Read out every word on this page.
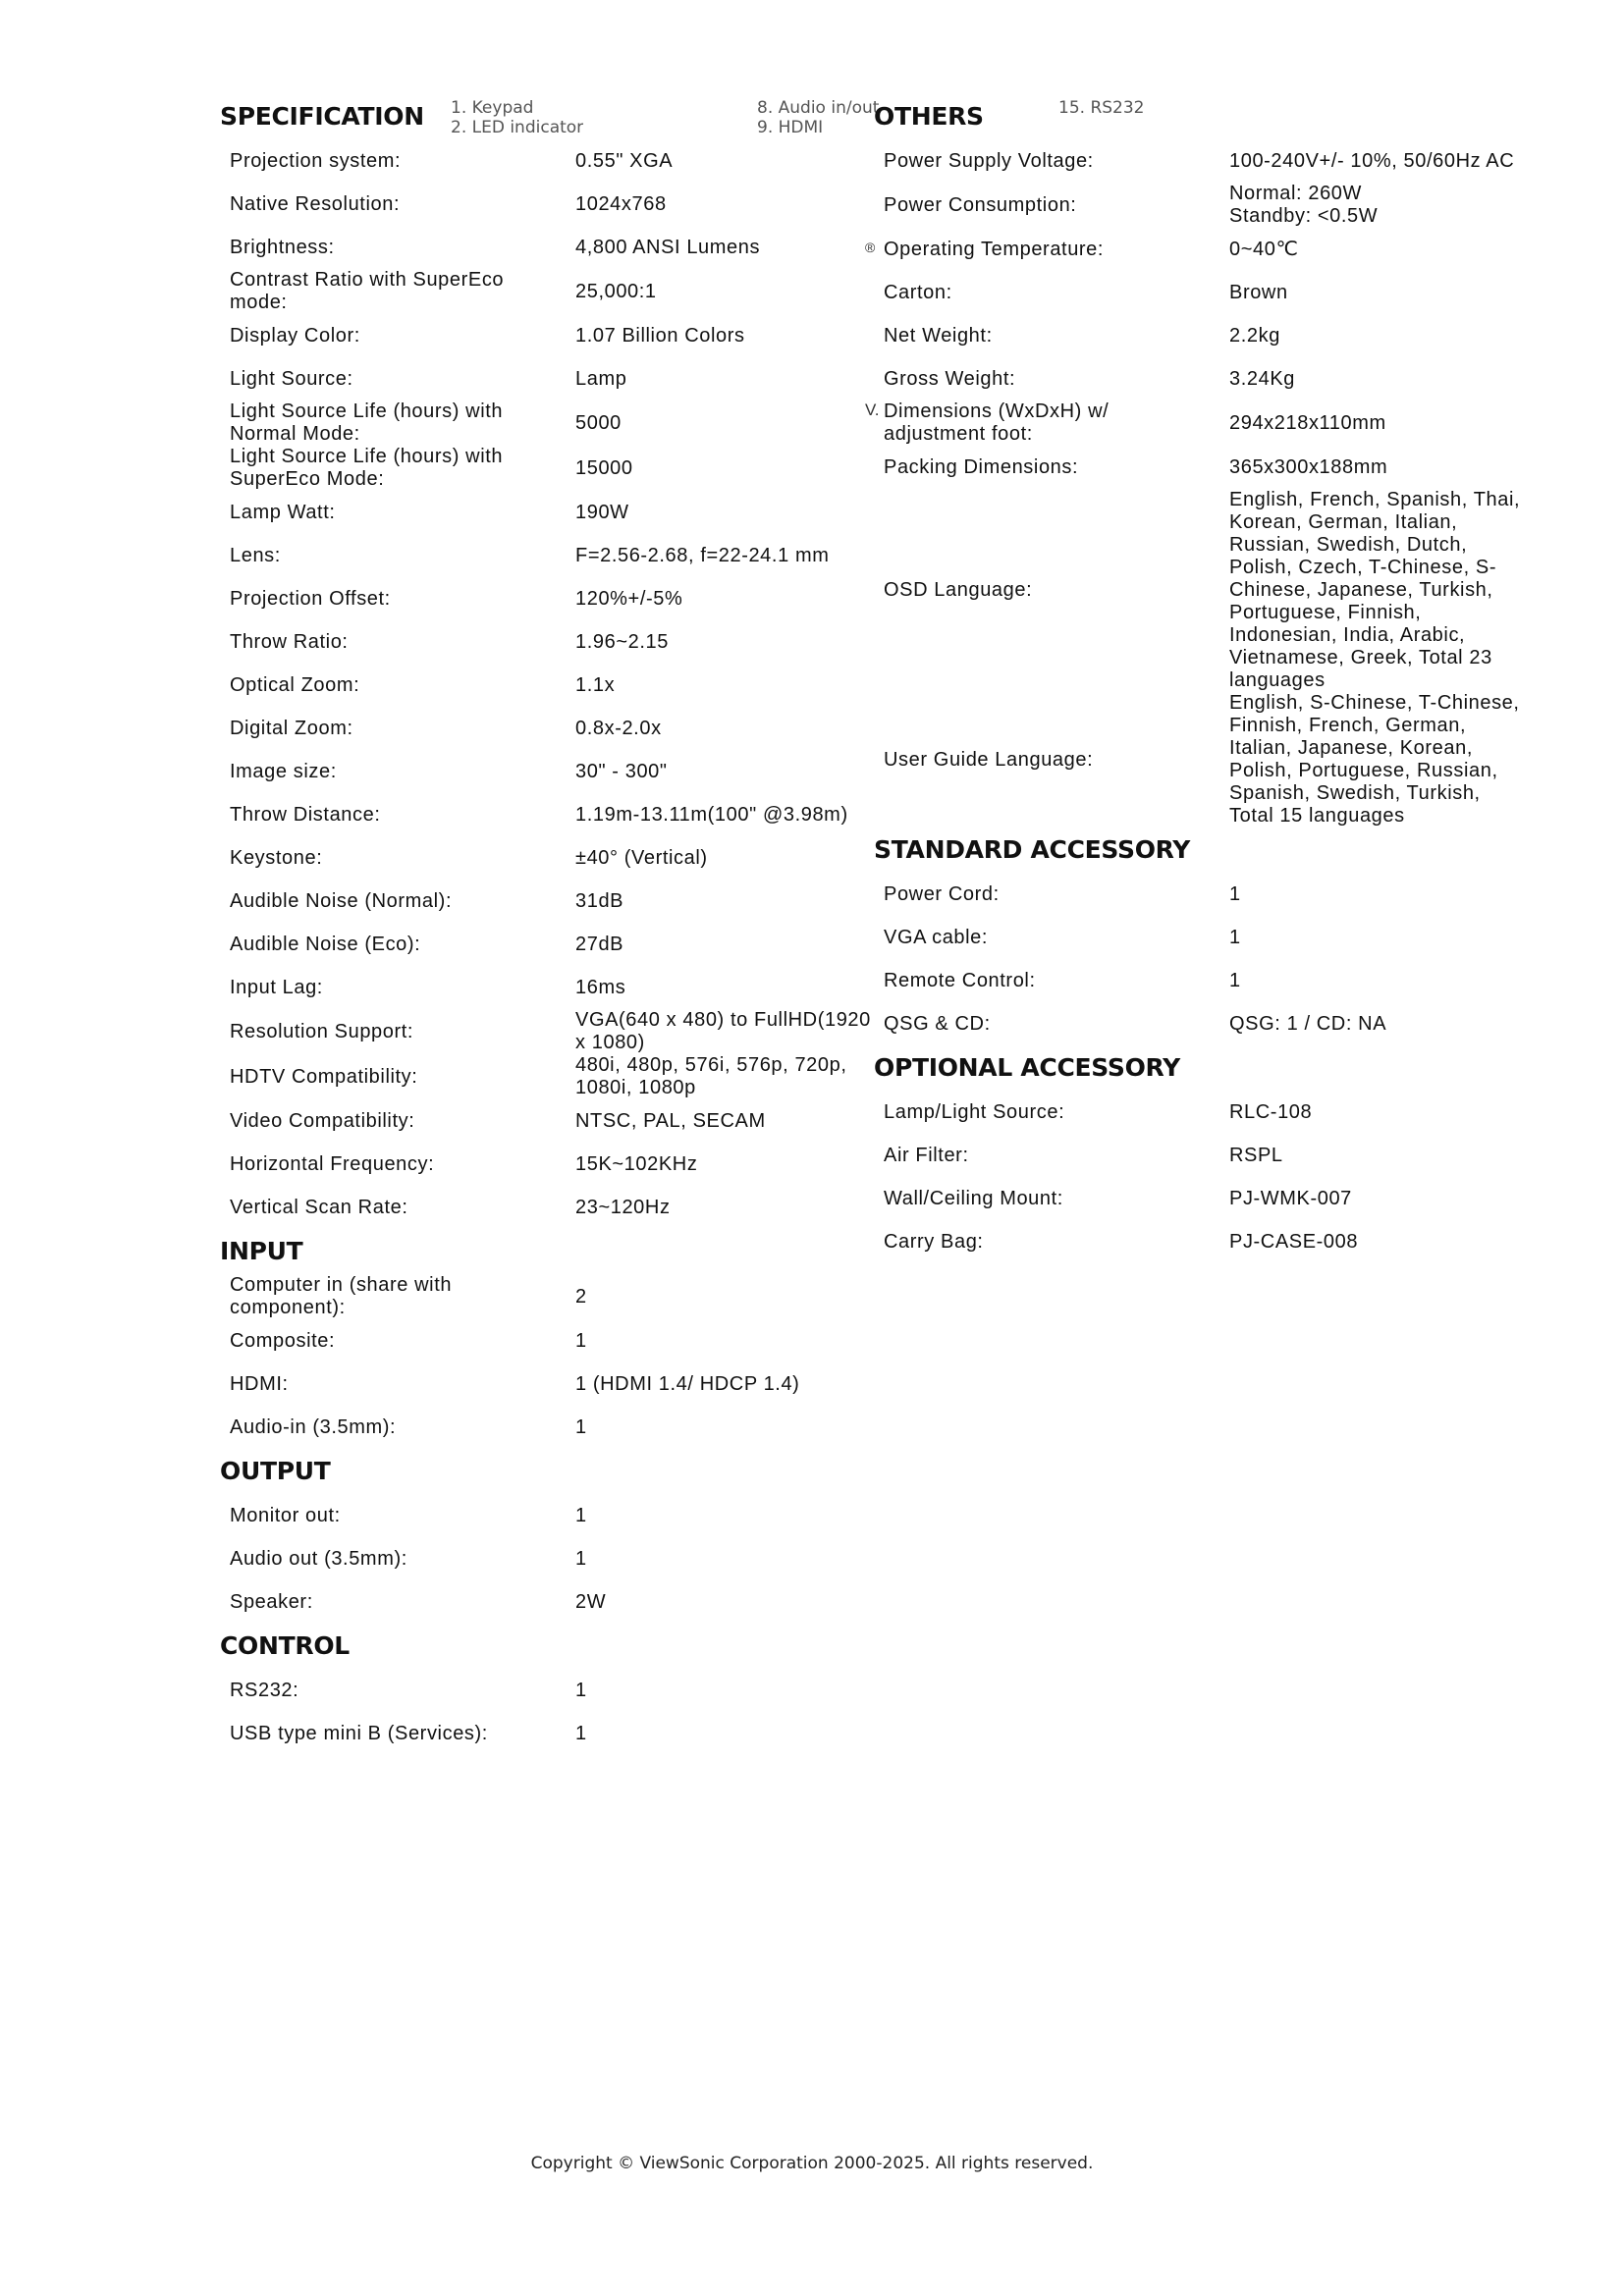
1. Keypad
2. LED indicator
8. Audio in/out
9. HDMI
15. RS232
®
V.
SPECIFICATION
Projection system:	0.55" XGA
Native Resolution:	1024x768
Brightness:	4,800 ANSI Lumens
Contrast Ratio with SuperEco mode:	25,000:1
Display Color:	1.07 Billion Colors
Light Source:	Lamp
Light Source Life (hours) with Normal Mode:	5000
Light Source Life (hours) with SuperEco Mode:	15000
Lamp Watt:	190W
Lens:	F=2.56-2.68, f=22-24.1 mm
Projection Offset:	120%+/-5%
Throw Ratio:	1.96~2.15
Optical Zoom:	1.1x
Digital Zoom:	0.8x-2.0x
Image size:	30" - 300"
Throw Distance:	1.19m-13.11m(100" @3.98m)
Keystone:	±40° (Vertical)
Audible Noise (Normal):	31dB
Audible Noise (Eco):	27dB
Input Lag:	16ms
Resolution Support:	VGA(640 x 480) to FullHD(1920 x 1080)
HDTV Compatibility:	480i, 480p, 576i, 576p, 720p, 1080i, 1080p
Video Compatibility:	NTSC, PAL, SECAM
Horizontal Frequency:	15K~102KHz
Vertical Scan Rate:	23~120Hz
INPUT
Computer in (share with component):	2
Composite:	1
HDMI:	1 (HDMI 1.4/ HDCP 1.4)
Audio-in (3.5mm):	1
OUTPUT
Monitor out:	1
Audio out (3.5mm):	1
Speaker:	2W
CONTROL
RS232:	1
USB type mini B (Services):	1
OTHERS
Power Supply Voltage:	100-240V+/- 10%, 50/60Hz AC
Power Consumption:	Normal: 260W
Standby: <0.5W
Operating Temperature:	0~40℃
Carton:	Brown
Net Weight:	2.2kg
Gross Weight:	3.24Kg
Dimensions (WxDxH) w/ adjustment foot:	294x218x110mm
Packing Dimensions:	365x300x188mm
OSD Language:	English, French, Spanish, Thai, Korean, German, Italian, Russian, Swedish, Dutch, Polish, Czech, T-Chinese, S-Chinese, Japanese, Turkish, Portuguese, Finnish, Indonesian, India, Arabic, Vietnamese, Greek, Total 23 languages
User Guide Language:	English, S-Chinese, T-Chinese, Finnish, French, German, Italian, Japanese, Korean, Polish, Portuguese, Russian, Spanish, Swedish, Turkish, Total 15 languages
STANDARD ACCESSORY
Power Cord:	1
VGA cable:	1
Remote Control:	1
QSG & CD:	QSG: 1 / CD: NA
OPTIONAL ACCESSORY
Lamp/Light Source:	RLC-108
Air Filter:	RSPL
Wall/Ceiling Mount:	PJ-WMK-007
Carry Bag:	PJ-CASE-008
Copyright © ViewSonic Corporation 2000-2025. All rights reserved.
